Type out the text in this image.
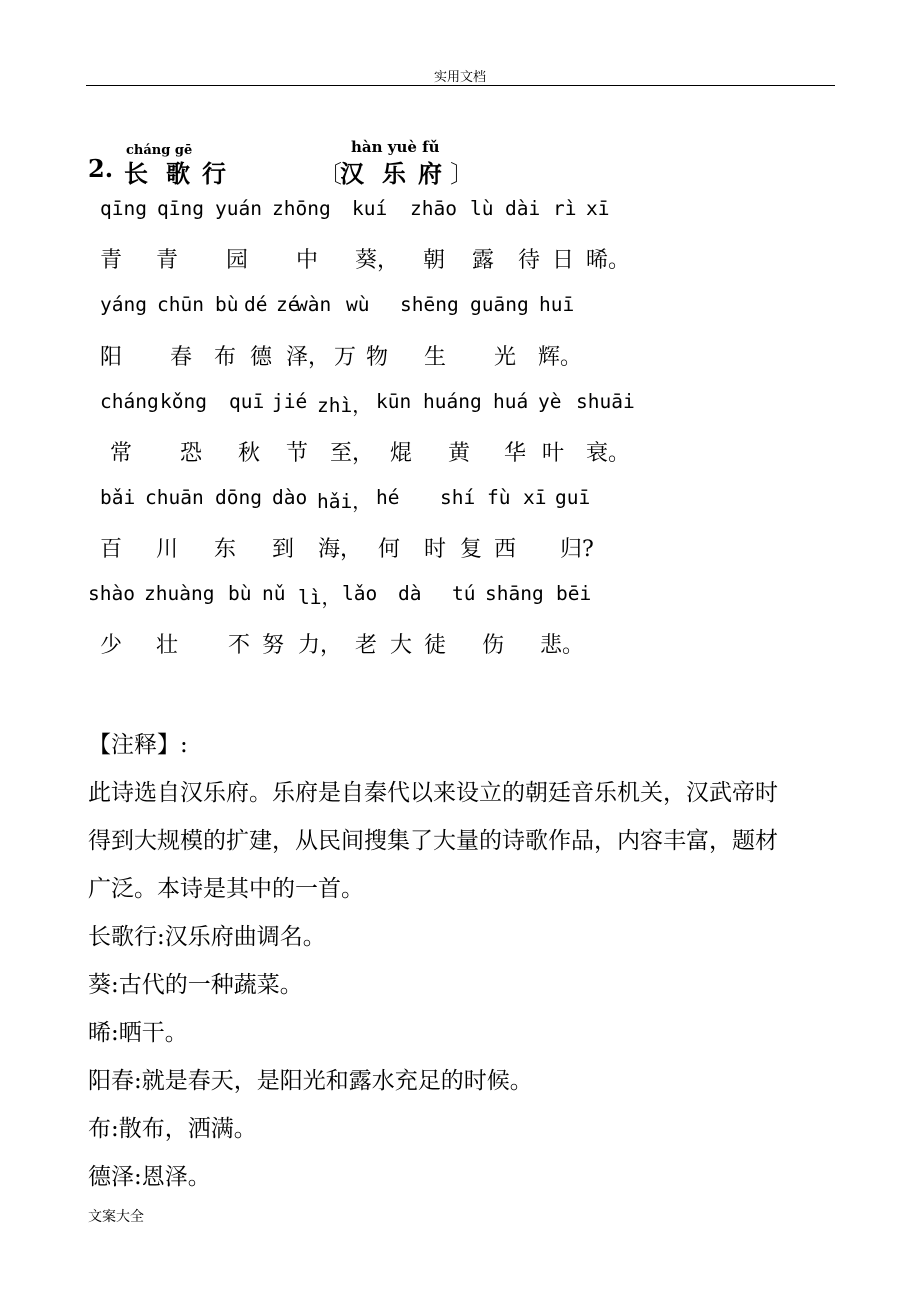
实用文档
2.
cháng gē
长 歌 行
hàn yuè fǔ
〔
汉 乐 府 〕
qīng qīng yuán zhōng kuí zhāo lù dài rì xī
青 青 园 中 葵， 朝 露 待 日 晞。
yáng chūn bù dé zé
wàn wù shēng guāng huī
阳 春 布 德 泽， 万 物 生 光 辉。
cháng kǒng quī jié zhì， kūn huáng huá yè shuāi
常 恐 秋 节 至， 焜 黄 华 叶 衰。
bǎi chuān dōng dào hǎi， hé shí fù xī guī
百 川 东 到 海， 何 时 复 西 归?
shào zhuàng bù nǔ lì， lǎo dà tú shāng bēi
少 壮 不 努 力， 老 大 徒 伤 悲。
【注释】:
此诗选自汉乐府。乐府是自秦代以来设立的朝廷音乐机关，汉武帝时
得到大规模的扩建，从民间搜集了大量的诗歌作品，内容丰富，题材
广泛。本诗是其中的一首。
长歌行:汉乐府曲调名。
葵:古代的一种蔬菜。
晞:晒干。
阳春:就是春天，是阳光和露水充足的时候。
布:散布，洒满。
德泽:恩泽。
文案大全
